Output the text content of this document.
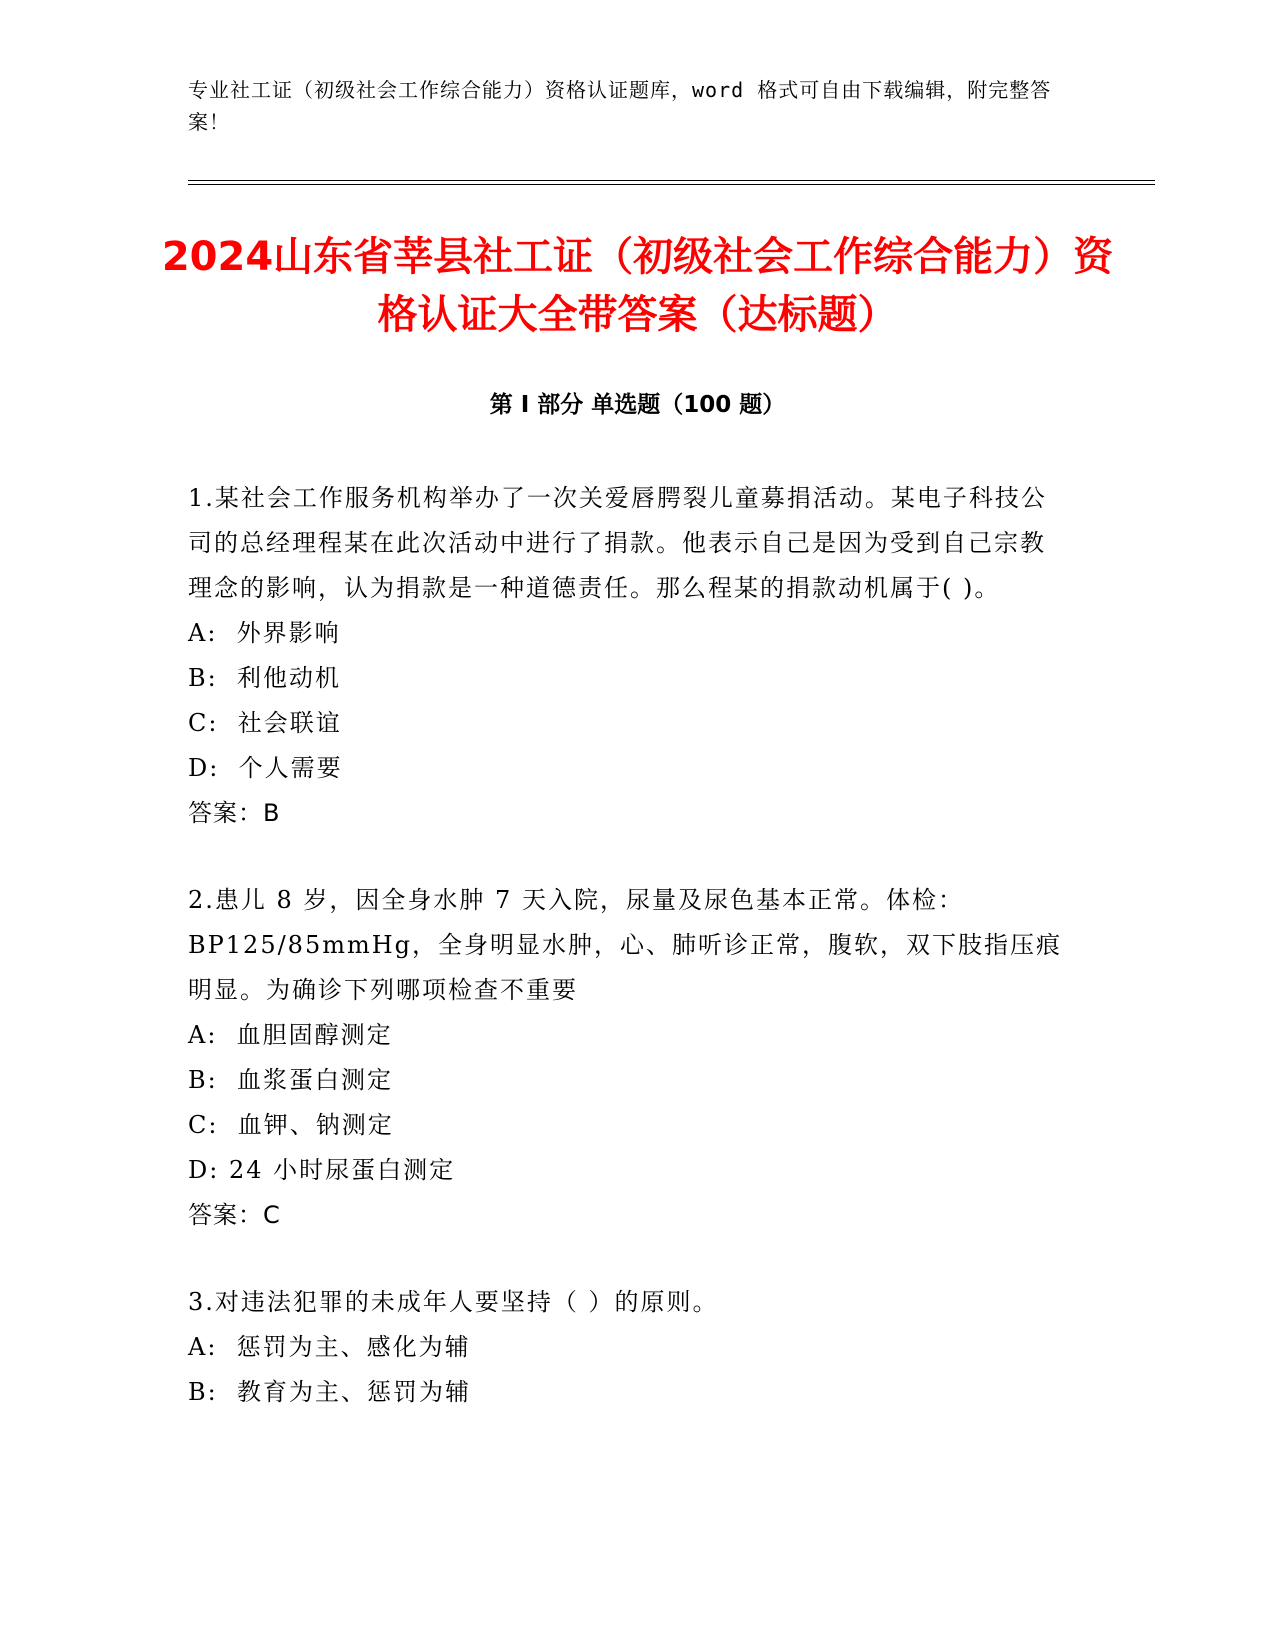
专业社工证（初级社会工作综合能力）资格认证题库，word 格式可自由下载编辑，附完整答案！
2024山东省莘县社工证（初级社会工作综合能力）资格认证大全带答案（达标题）
第 I 部分 单选题（100 题）
1.某社会工作服务机构举办了一次关爱唇腭裂儿童募捐活动。某电子科技公司的总经理程某在此次活动中进行了捐款。他表示自己是因为受到自己宗教理念的影响，认为捐款是一种道德责任。那么程某的捐款动机属于( )。
A:  外界影响
B:  利他动机
C:  社会联谊
D:  个人需要
答案：B
2.患儿 8 岁，因全身水肿 7 天入院，尿量及尿色基本正常。体检：BP125/85mmHg，全身明显水肿，心、肺听诊正常，腹软，双下肢指压痕明显。为确诊下列哪项检查不重要
A:  血胆固醇测定
B:  血浆蛋白测定
C:  血钾、钠测定
D: 24 小时尿蛋白测定
答案：C
3.对违法犯罪的未成年人要坚持（ ）的原则。
A:  惩罚为主、感化为辅
B:  教育为主、惩罚为辅
